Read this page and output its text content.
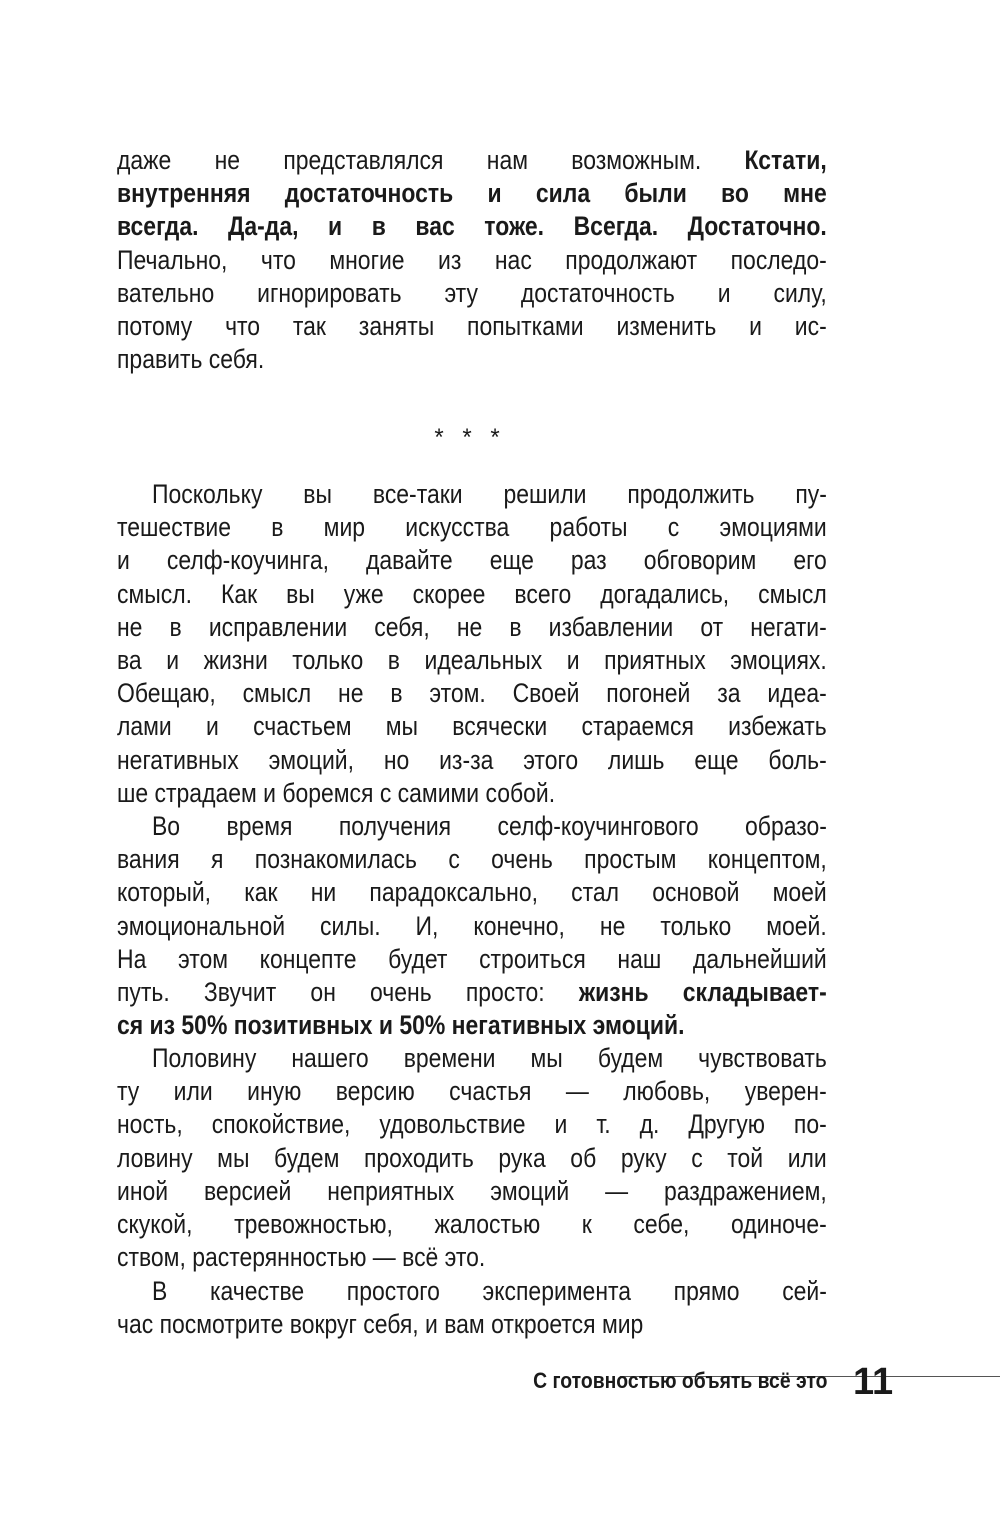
даже не представлялся нам возможным. Кстати,
внутренняя достаточность и сила были во мне
всегда. Да-да, и в вас тоже. Всегда. Достаточно.
Печально, что многие из нас продолжают последо-
вательно игнорировать эту достаточность и силу,
потому что так заняты попытками изменить и ис-
править себя.
Поскольку вы все-таки решили продолжить пу-
тешествие в мир искусства работы с эмоциями
и селф-коучинга, давайте еще раз обговорим его
смысл. Как вы уже скорее всего догадались, смысл
не в исправлении себя, не в избавлении от негати-
ва и жизни только в идеальных и приятных эмоциях.
Обещаю, смысл не в этом. Своей погоней за идеа-
лами и счастьем мы всячески стараемся избежать
негативных эмоций, но из-за этого лишь еще боль-
ше страдаем и боремся с самими собой.
Во время получения селф-коучингового образо-
вания я познакомилась с очень простым концептом,
который, как ни парадоксально, стал основой моей
эмоциональной силы. И, конечно, не только моей.
На этом концепте будет строиться наш дальнейший
путь. Звучит он очень просто: жизнь складывает-
ся из 50% позитивных и 50% негативных эмоций.
Половину нашего времени мы будем чувствовать
ту или иную версию счастья — любовь, уверен-
ность, спокойствие, удовольствие и т. д. Другую по-
ловину мы будем проходить рука об руку с той или
иной версией неприятных эмоций — раздражением,
скукой, тревожностью, жалостью к себе, одиноче-
ством, растерянностью — всё это.
В качестве простого эксперимента прямо сей-
час посмотрите вокруг себя, и вам откроется мир
* * *
С готовностью объять всё это 11
